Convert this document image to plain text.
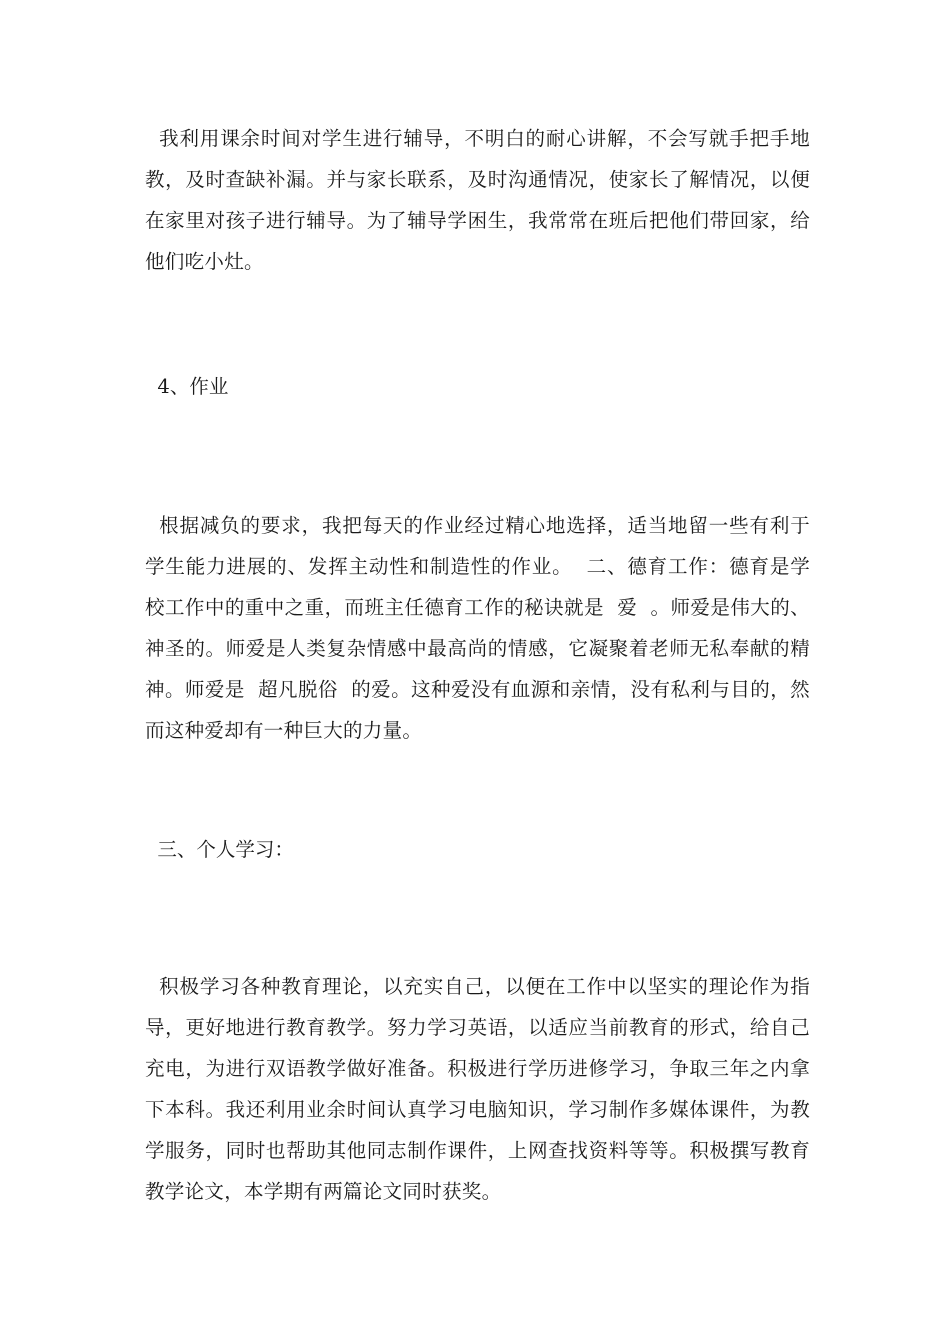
我利用课余时间对学生进行辅导，不明白的耐心讲解，不会写就手把手地教，及时查缺补漏。并与家长联系，及时沟通情况，使家长了解情况，以便在家里对孩子进行辅导。为了辅导学困生，我常常在班后把他们带回家，给他们吃小灶。

4、作业

根据减负的要求，我把每天的作业经过精心地选择，适当地留一些有利于学生能力进展的、发挥主动性和制造性的作业。  二、德育工作：德育是学校工作中的重中之重，而班主任德育工作的秘诀就是  爱  。师爱是伟大的、神圣的。师爱是人类复杂情感中最高尚的情感，它凝聚着老师无私奉献的精神。师爱是  超凡脱俗  的爱。这种爱没有血源和亲情，没有私利与目的，然而这种爱却有一种巨大的力量。

三、个人学习：

积极学习各种教育理论，以充实自己，以便在工作中以坚实的理论作为指导，更好地进行教育教学。努力学习英语，以适应当前教育的形式，给自己充电，为进行双语教学做好准备。积极进行学历进修学习，争取三年之内拿下本科。我还利用业余时间认真学习电脑知识，学习制作多媒体课件，为教学服务，同时也帮助其他同志制作课件，上网查找资料等等。积极撰写教育教学论文，本学期有两篇论文同时获奖。
